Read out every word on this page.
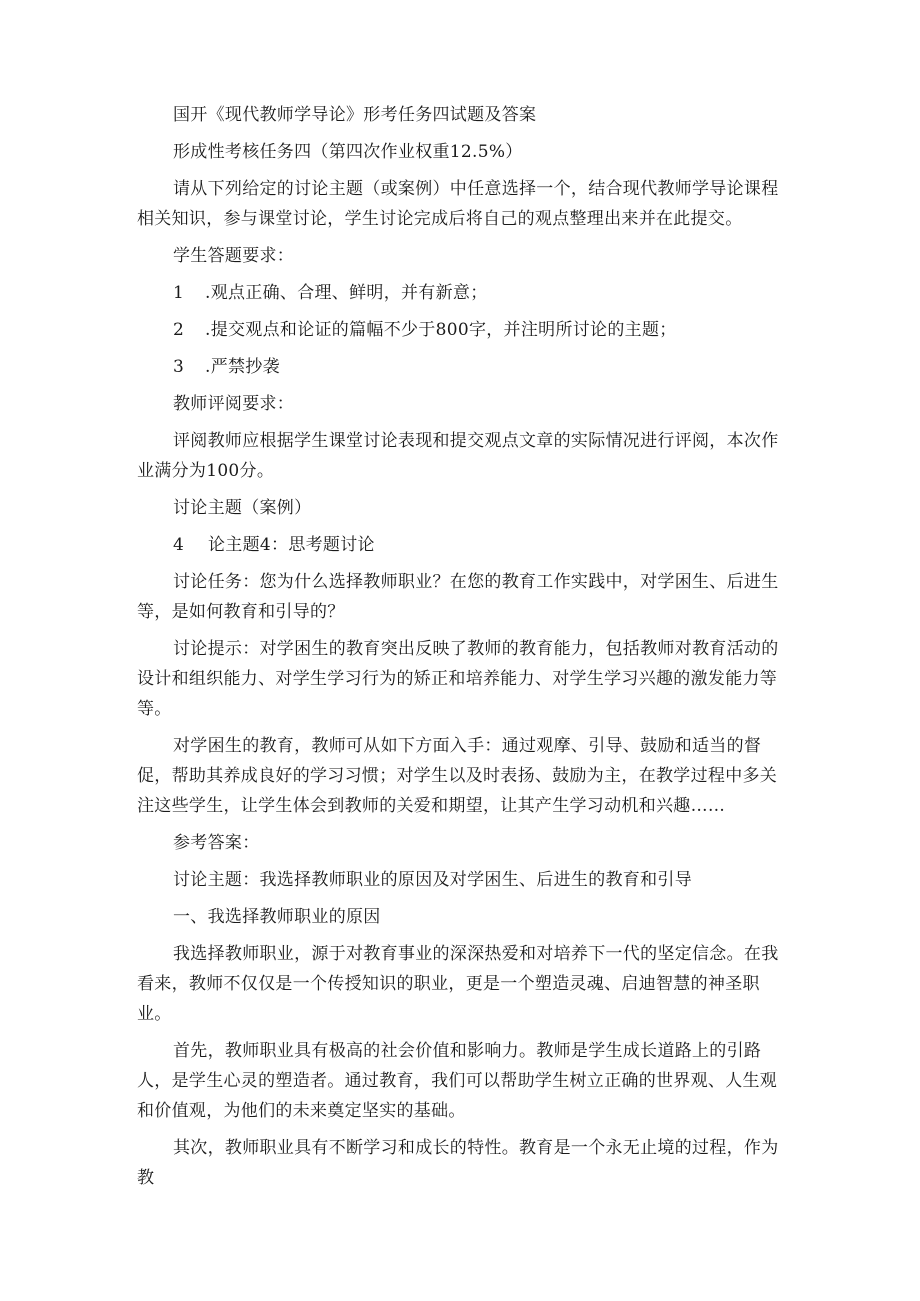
国开《现代教师学导论》形考任务四试题及答案

形成性考核任务四（第四次作业权重12.5%）

请从下列给定的讨论主题（或案例）中任意选择一个，结合现代教师学导论课程相关知识，参与课堂讨论，学生讨论完成后将自己的观点整理出来并在此提交。

学生答题要求：

1 .观点正确、合理、鲜明，并有新意；

2 .提交观点和论证的篇幅不少于800字，并注明所讨论的主题；

3 .严禁抄袭

教师评阅要求：

评阅教师应根据学生课堂讨论表现和提交观点文章的实际情况进行评阅，本次作业满分为100分。

讨论主题（案例）

4 论主题4：思考题讨论

讨论任务：您为什么选择教师职业？在您的教育工作实践中，对学困生、后进生等，是如何教育和引导的？

讨论提示：对学困生的教育突出反映了教师的教育能力，包括教师对教育活动的设计和组织能力、对学生学习行为的矫正和培养能力、对学生学习兴趣的激发能力等等。

对学困生的教育，教师可从如下方面入手：通过观摩、引导、鼓励和适当的督促，帮助其养成良好的学习习惯；对学生以及时表扬、鼓励为主，在教学过程中多关注这些学生，让学生体会到教师的关爱和期望，让其产生学习动机和兴趣……

参考答案：

讨论主题：我选择教师职业的原因及对学困生、后进生的教育和引导

一、我选择教师职业的原因

我选择教师职业，源于对教育事业的深深热爱和对培养下一代的坚定信念。在我看来，教师不仅仅是一个传授知识的职业，更是一个塑造灵魂、启迪智慧的神圣职业。

首先，教师职业具有极高的社会价值和影响力。教师是学生成长道路上的引路人，是学生心灵的塑造者。通过教育，我们可以帮助学生树立正确的世界观、人生观和价值观，为他们的未来奠定坚实的基础。

其次，教师职业具有不断学习和成长的特性。教育是一个永无止境的过程，作为教
